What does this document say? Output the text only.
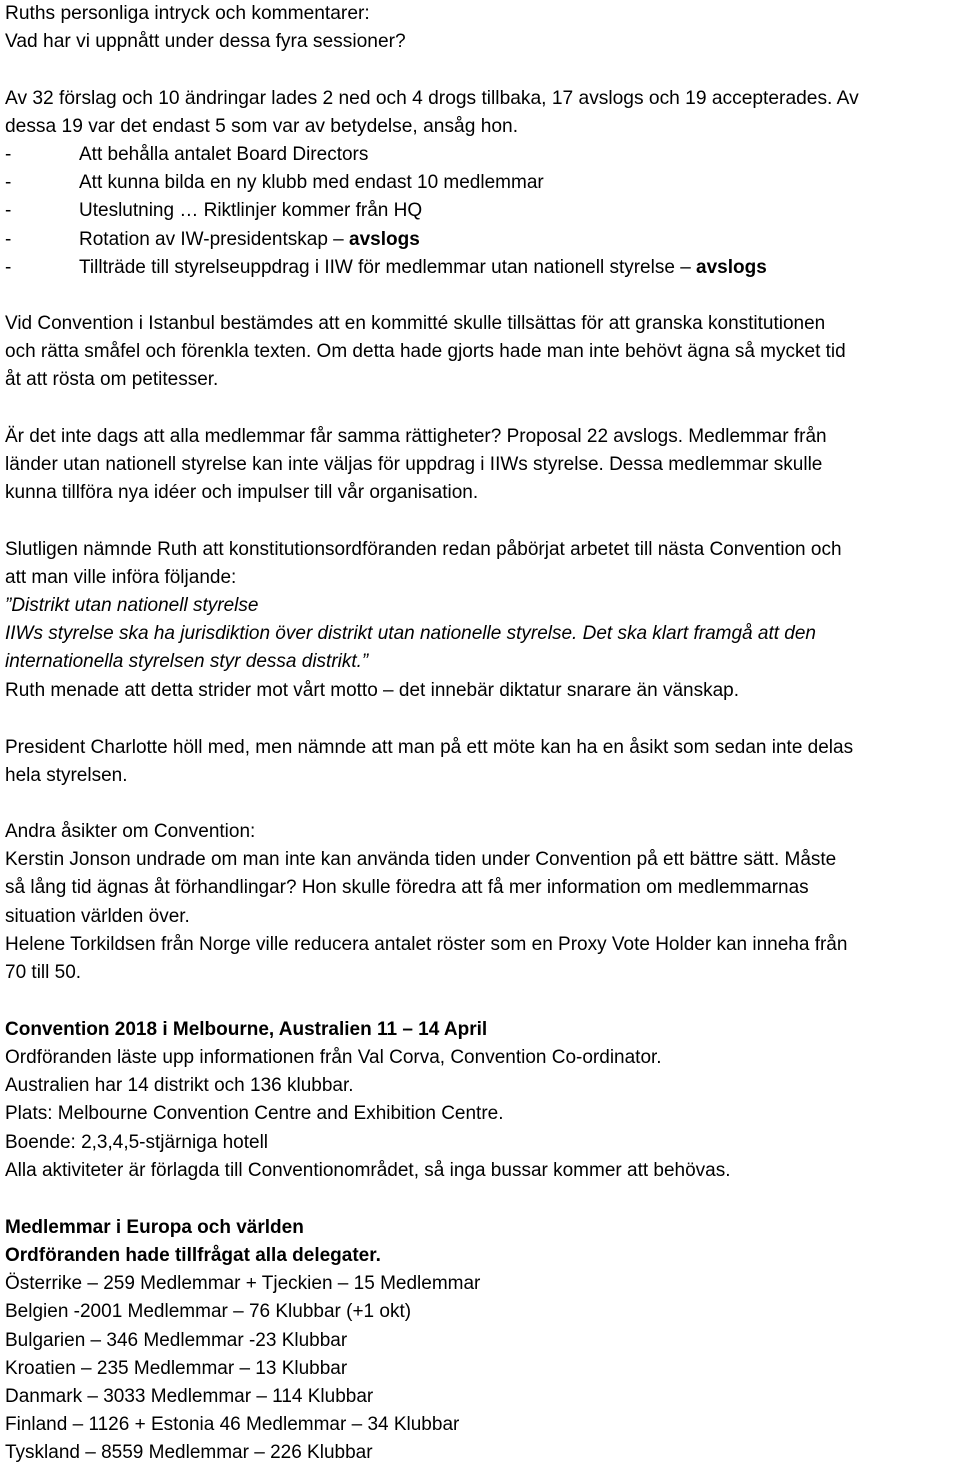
Ruths personliga intryck och kommentarer:
Vad har vi uppnått under dessa fyra sessioner?
Av 32 förslag och 10 ändringar lades 2 ned och 4 drogs tillbaka, 17 avslogs och 19 accepterades. Av
dessa 19 var det endast 5 som var av betydelse, ansåg hon.
-	Att behålla antalet Board Directors
-	Att kunna bilda en ny klubb med endast 10 medlemmar
-	Uteslutning … Riktlinjer kommer från HQ
-	Rotation av IW-presidentskap – avslogs
-	Tillträde till styrelseuppdrag i IIW för medlemmar utan nationell styrelse – avslogs
Vid Convention i Istanbul bestämdes att en kommitté skulle tillsättas för att granska konstitutionen
och rätta småfel och förenkla texten. Om detta hade gjorts hade man inte behövt ägna så mycket tid
åt att rösta om petitesser.
Är det inte dags att alla medlemmar får samma rättigheter? Proposal 22 avslogs. Medlemmar från
länder utan nationell styrelse kan inte väljas för uppdrag i IIWs styrelse. Dessa medlemmar skulle
kunna tillföra nya idéer och impulser till vår organisation.
Slutligen nämnde Ruth att konstitutionsordföranden redan påbörjat arbetet till nästa Convention och
att man ville införa följande:
”Distrikt utan nationell styrelse
IIWs styrelse ska ha jurisdiktion över distrikt utan nationelle styrelse. Det ska klart framgå att den
internationella styrelsen styr dessa distrikt.”
Ruth menade att detta strider mot vårt motto – det innebär diktatur snarare än vänskap.
President Charlotte höll med, men nämnde att man på ett möte kan ha en åsikt som sedan inte delas
hela styrelsen.
Andra åsikter om Convention:
Kerstin Jonson undrade om man inte kan använda tiden under Convention på ett bättre sätt. Måste
så lång tid ägnas åt förhandlingar? Hon skulle föredra att få mer information om medlemmarnas
situation världen över.
Helene Torkildsen från Norge ville reducera antalet röster som en Proxy Vote Holder kan inneha från
70 till 50.
Convention 2018 i Melbourne, Australien 11 – 14 April
Ordföranden läste upp informationen från Val Corva, Convention Co-ordinator.
Australien har 14 distrikt och 136 klubbar.
Plats: Melbourne Convention Centre and Exhibition Centre.
Boende: 2,3,4,5-stjärniga hotell
Alla aktiviteter är förlagda till Conventionområdet, så inga bussar kommer att behövas.
Medlemmar i Europa och världen
Ordföranden hade tillfrågat alla delegater.
Österrike – 259 Medlemmar + Tjeckien – 15 Medlemmar
Belgien -2001 Medlemmar – 76 Klubbar (+1 okt)
Bulgarien – 346 Medlemmar -23 Klubbar
Kroatien – 235 Medlemmar – 13 Klubbar
Danmark – 3033 Medlemmar – 114 Klubbar
Finland – 1126 + Estonia 46 Medlemmar – 34 Klubbar
Tyskland – 8559 Medlemmar – 226 Klubbar
